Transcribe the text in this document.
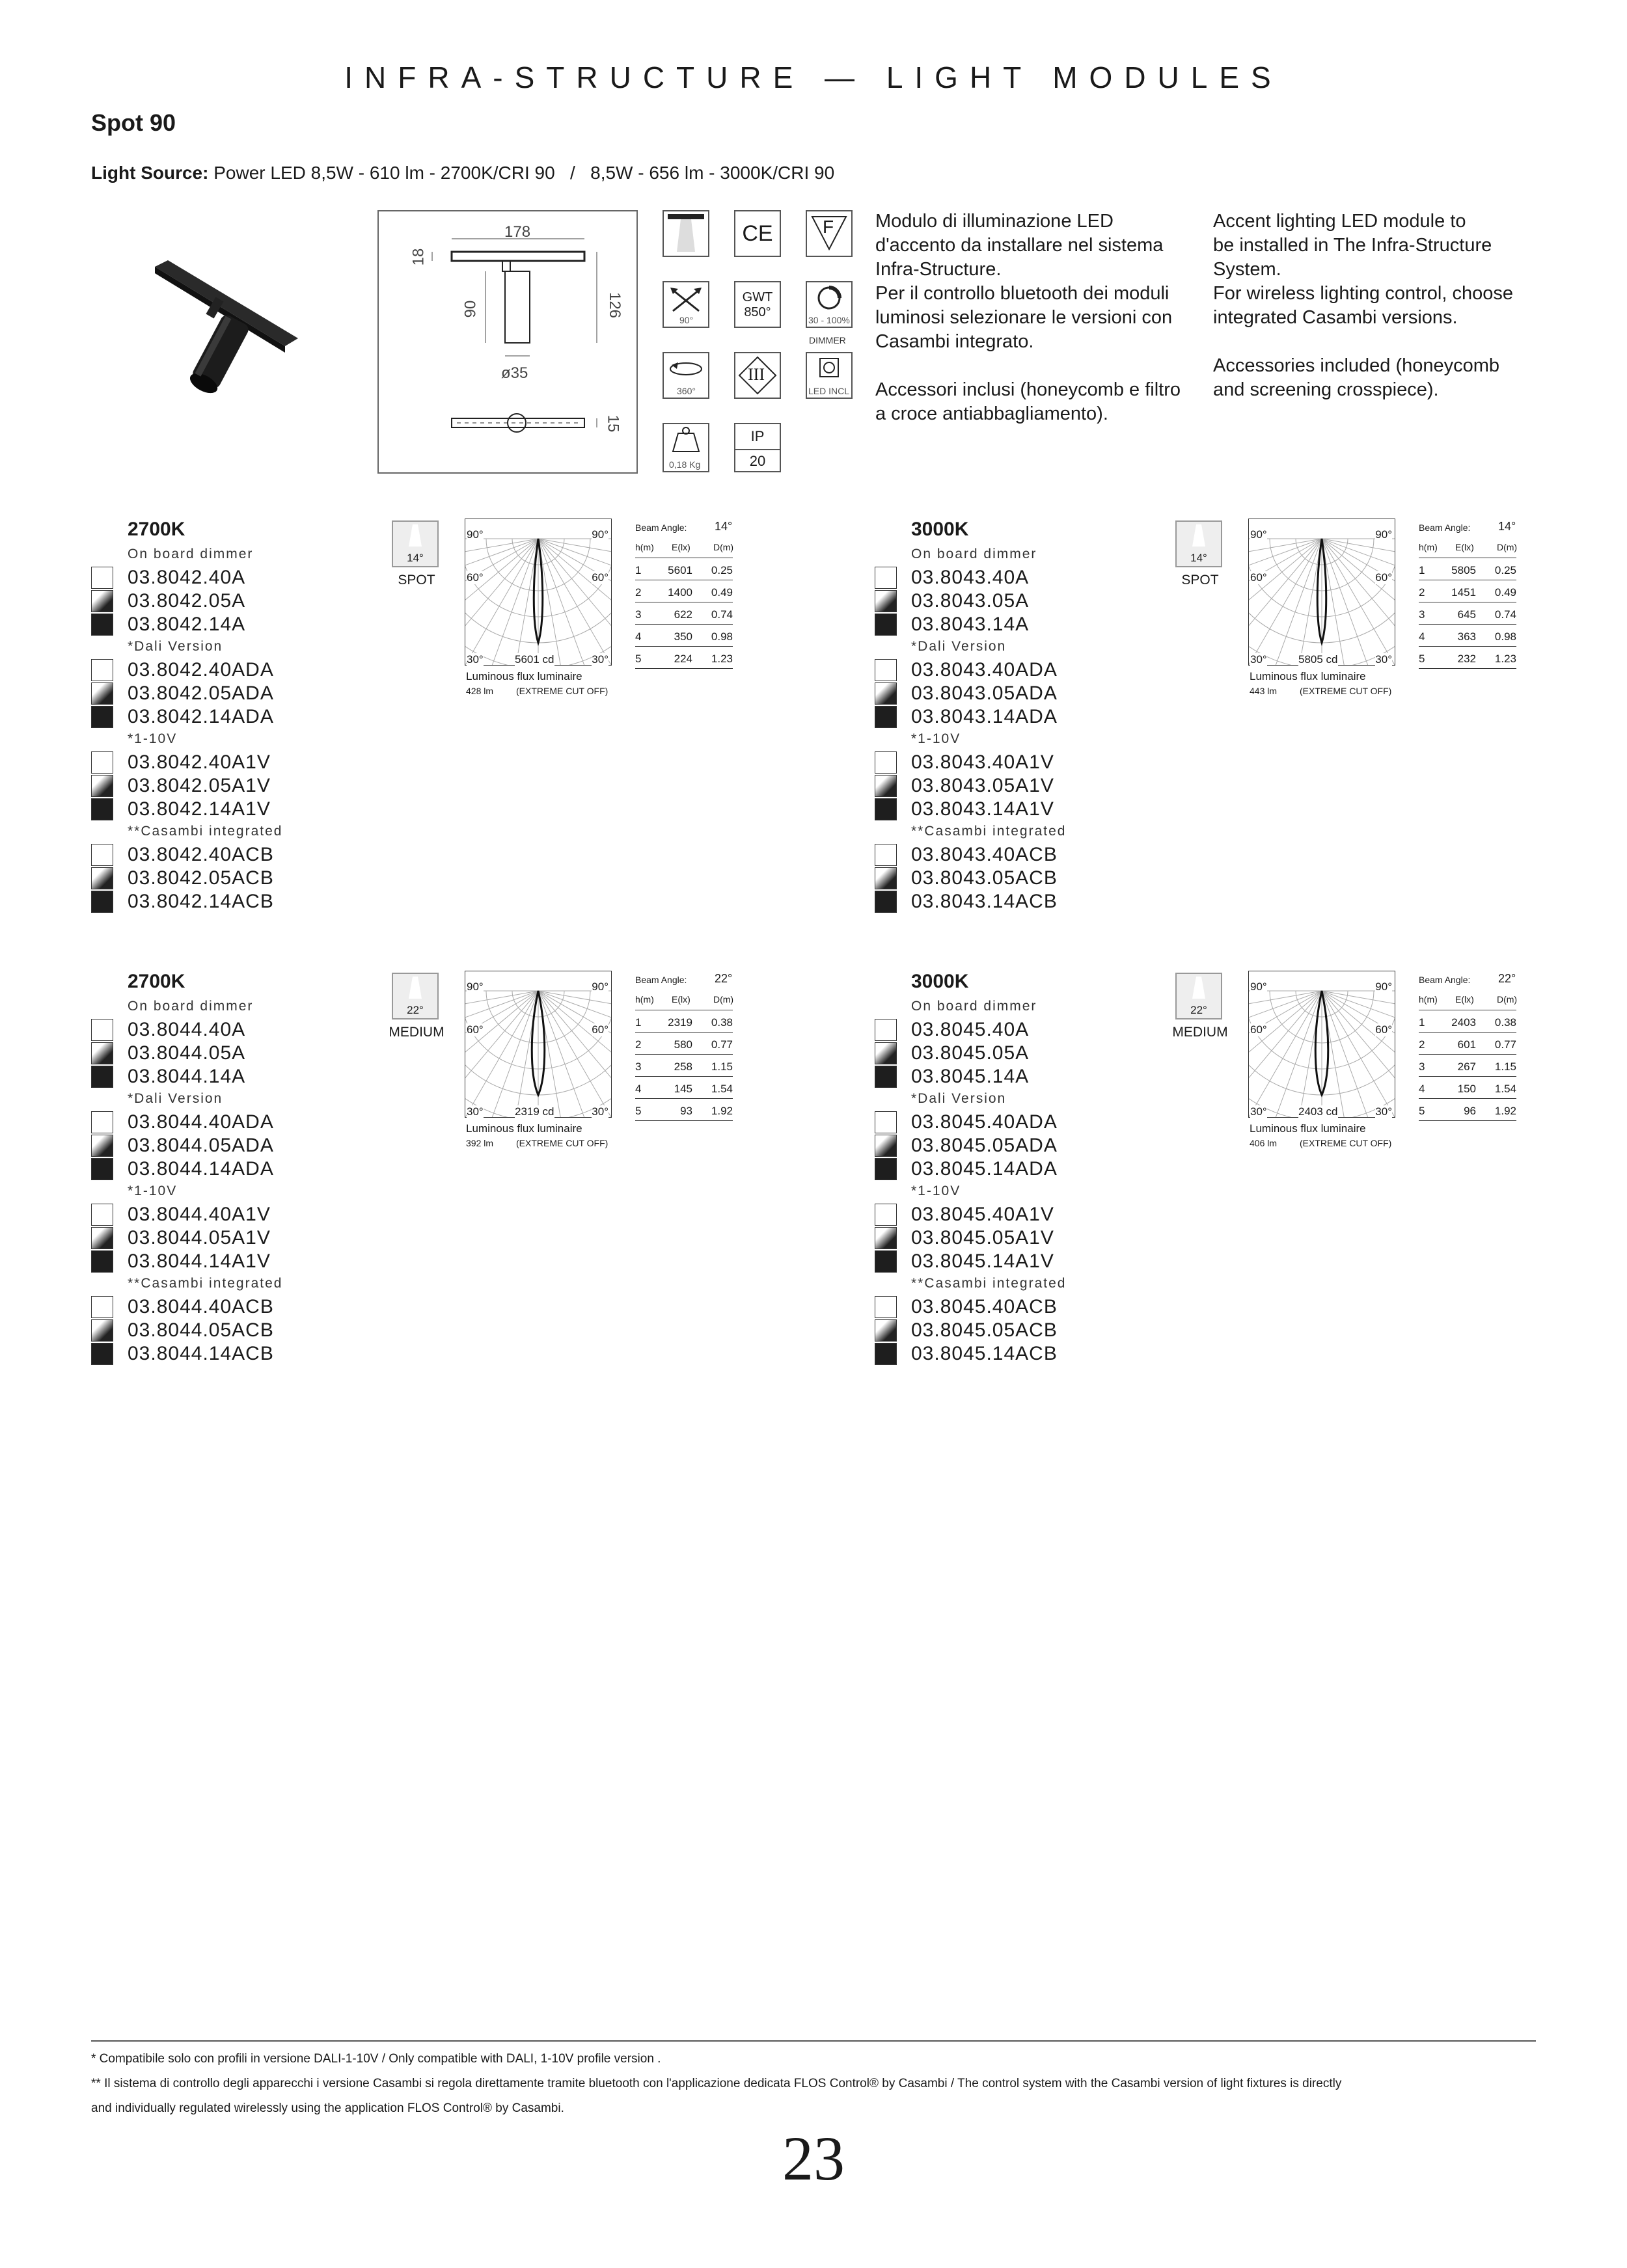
INFRA-STRUCTURE — LIGHT MODULES
Spot 90
Light Source: Power LED 8,5W - 610 lm - 2700K/CRI 90   /   8,5W - 656 lm - 3000K/CRI 90
178
18
126
90
ø35
15
CE	F
90°
GWT
850°
30 - 100%
DIMMER
360°
III
LED INCL
0,18 Kg
IP
20
Modulo di illuminazione LED
d'accento da installare nel sistema
Infra-Structure.
Per il controllo bluetooth dei moduli
luminosi selezionare le versioni con
Casambi integrato.
Accessori inclusi (honeycomb e filtro
a croce antiabbagliamento).
Accent lighting LED module to
be installed in The Infra-Structure
System.
For wireless lighting control, choose
integrated Casambi versions.
Accessories included (honeycomb
and screening crosspiece).
2700K
On board dimmer
03.8042.40A
03.8042.05A
03.8042.14A
*Dali Version
03.8042.40ADA
03.8042.05ADA
03.8042.14ADA
*1-10V
03.8042.40A1V
03.8042.05A1V
03.8042.14A1V
**Casambi integrated
03.8042.40ACB
03.8042.05ACB
03.8042.14ACB
14°
SPOT
90°	90°
60°	60°
30°	30°
5601 cd
Luminous flux luminaire
428 lm (EXTREME CUT OFF)
Beam Angle: 14°
h(m) E(lx)	D(m)
1 5601 0.25
2 1400 0.49
3	622 0.74
4	350 0.98
5	224 1.23
3000K
On board dimmer
03.8043.40A
03.8043.05A
03.8043.14A
*Dali Version
03.8043.40ADA
03.8043.05ADA
03.8043.14ADA
*1-10V
03.8043.40A1V
03.8043.05A1V
03.8043.14A1V
**Casambi integrated
03.8043.40ACB
03.8043.05ACB
03.8043.14ACB
14°
SPOT
90°	90°
60°	60°
30°	30°
5805 cd
Luminous flux luminaire
443 lm (EXTREME CUT OFF)
Beam Angle: 14°
h(m) E(lx)	D(m)
1 5805 0.25
2 1451 0.49
3	645 0.74
4	363 0.98
5	232 1.23
2700K
On board dimmer
03.8044.40A
03.8044.05A
03.8044.14A
*Dali Version
03.8044.40ADA
03.8044.05ADA
03.8044.14ADA
*1-10V
03.8044.40A1V
03.8044.05A1V
03.8044.14A1V
**Casambi integrated
03.8044.40ACB
03.8044.05ACB
03.8044.14ACB
22°
MEDIUM
90°	90°
60°	60°
30°	30°
2319 cd
Luminous flux luminaire
392 lm (EXTREME CUT OFF)
Beam Angle: 22°
h(m) E(lx)	D(m)
1 2319 0.38
2	580 0.77
3	258 1.15
4	145 1.54
5	93 1.92
3000K
On board dimmer
03.8045.40A
03.8045.05A
03.8045.14A
*Dali Version
03.8045.40ADA
03.8045.05ADA
03.8045.14ADA
*1-10V
03.8045.40A1V
03.8045.05A1V
03.8045.14A1V
**Casambi integrated
03.8045.40ACB
03.8045.05ACB
03.8045.14ACB
22°
MEDIUM
90°	90°
60°	60°
30°	30°
2403 cd
Luminous flux luminaire
406 lm (EXTREME CUT OFF)
Beam Angle: 22°
h(m) E(lx)	D(m)
1 2403 0.38
2	601 0.77
3	267 1.15
4	150 1.54
5	96 1.92
* Compatibile solo con profili in versione DALI-1-10V / Only compatible with DALI, 1-10V profile version .
** Il sistema di controllo degli apparecchi i versione Casambi si regola direttamente tramite bluetooth con l'applicazione dedicata FLOS Control® by Casambi / The control system with the Casambi version of light fixtures is directly
and individually regulated wirelessly using the application FLOS Control® by Casambi.
23
